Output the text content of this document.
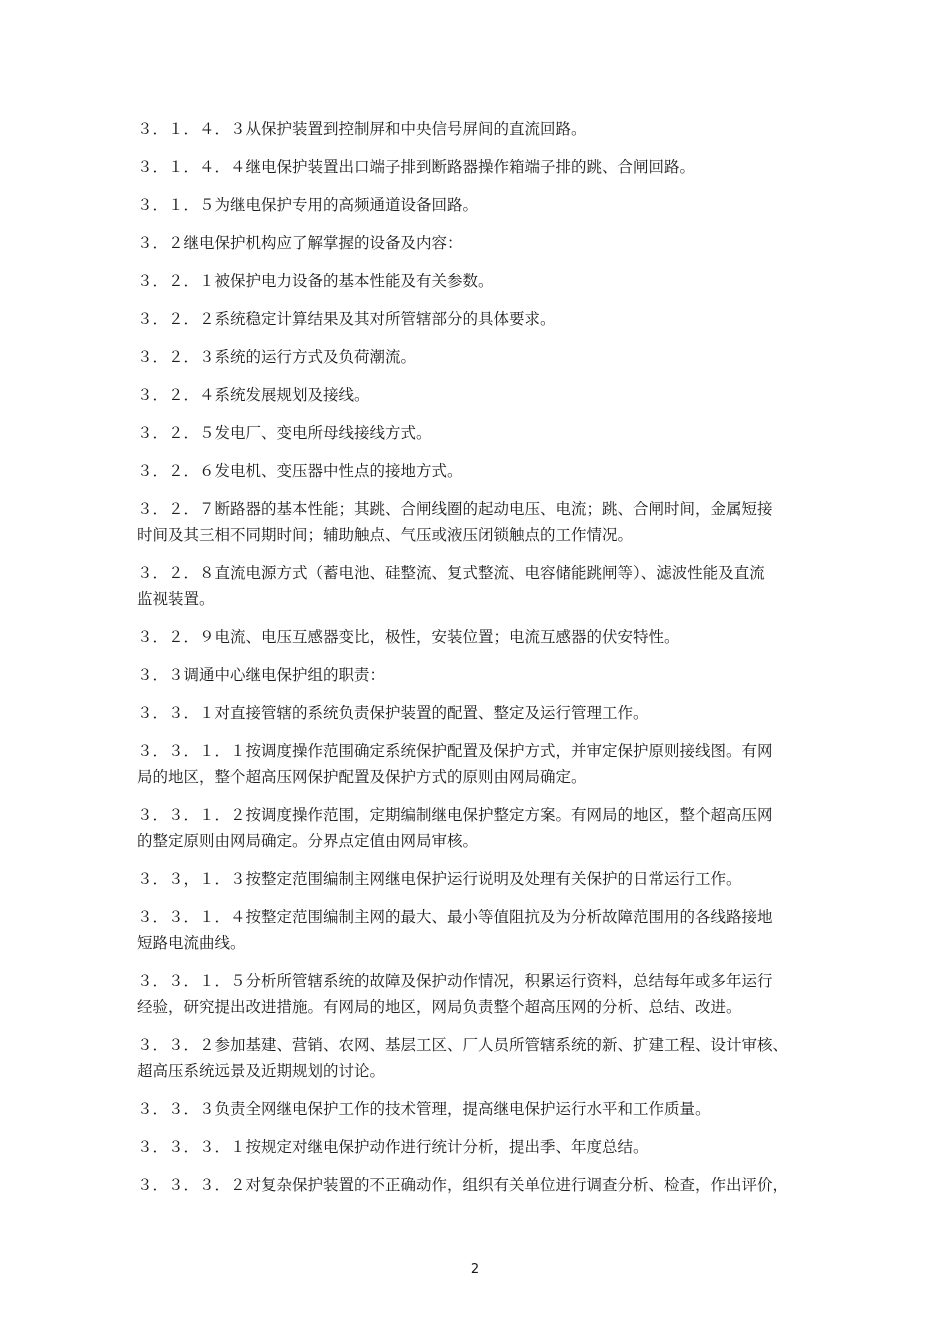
３．１．４．３从保护装置到控制屏和中央信号屏间的直流回路。

３．１．４．４继电保护装置出口端子排到断路器操作箱端子排的跳、合闸回路。

３．１．５为继电保护专用的高频通道设备回路。

３．２继电保护机构应了解掌握的设备及内容：

３．２．１被保护电力设备的基本性能及有关参数。

３．２．２系统稳定计算结果及其对所管辖部分的具体要求。

３．２．３系统的运行方式及负荷潮流。

３．２．４系统发展规划及接线。

３．２．５发电厂、变电所母线接线方式。

３．２．６发电机、变压器中性点的接地方式。

３．２．７断路器的基本性能；其跳、合闸线圈的起动电压、电流；跳、合闸时间，金属短接
时间及其三相不同期时间；辅助触点、气压或液压闭锁触点的工作情况。

３．２．８直流电源方式（蓄电池、硅整流、复式整流、电容储能跳闸等）、滤波性能及直流
监视装置。

３．２．９电流、电压互感器变比，极性，安装位置；电流互感器的伏安特性。

３．３调通中心继电保护组的职责：

３．３．１对直接管辖的系统负责保护装置的配置、整定及运行管理工作。

３．３．１．１按调度操作范围确定系统保护配置及保护方式，并审定保护原则接线图。有网
局的地区，整个超高压网保护配置及保护方式的原则由网局确定。

３．３．１．２按调度操作范围，定期编制继电保护整定方案。有网局的地区，整个超高压网
的整定原则由网局确定。分界点定值由网局审核。

３．３，１．３按整定范围编制主网继电保护运行说明及处理有关保护的日常运行工作。

３．３．１．４按整定范围编制主网的最大、最小等值阻抗及为分析故障范围用的各线路接地
短路电流曲线。

３．３．１．５分析所管辖系统的故障及保护动作情况，积累运行资料，总结每年或多年运行
经验，研究提出改进措施。有网局的地区，网局负责整个超高压网的分析、总结、改进。

３．３．２参加基建、营销、农网、基层工区、厂人员所管辖系统的新、扩建工程、设计审核、
超高压系统远景及近期规划的讨论。

３．３．３负责全网继电保护工作的技术管理，提高继电保护运行水平和工作质量。

３．３．３．１按规定对继电保护动作进行统计分析，提出季、年度总结。

３．３．３．２对复杂保护装置的不正确动作，组织有关单位进行调查分析、检查，作出评价，

2
